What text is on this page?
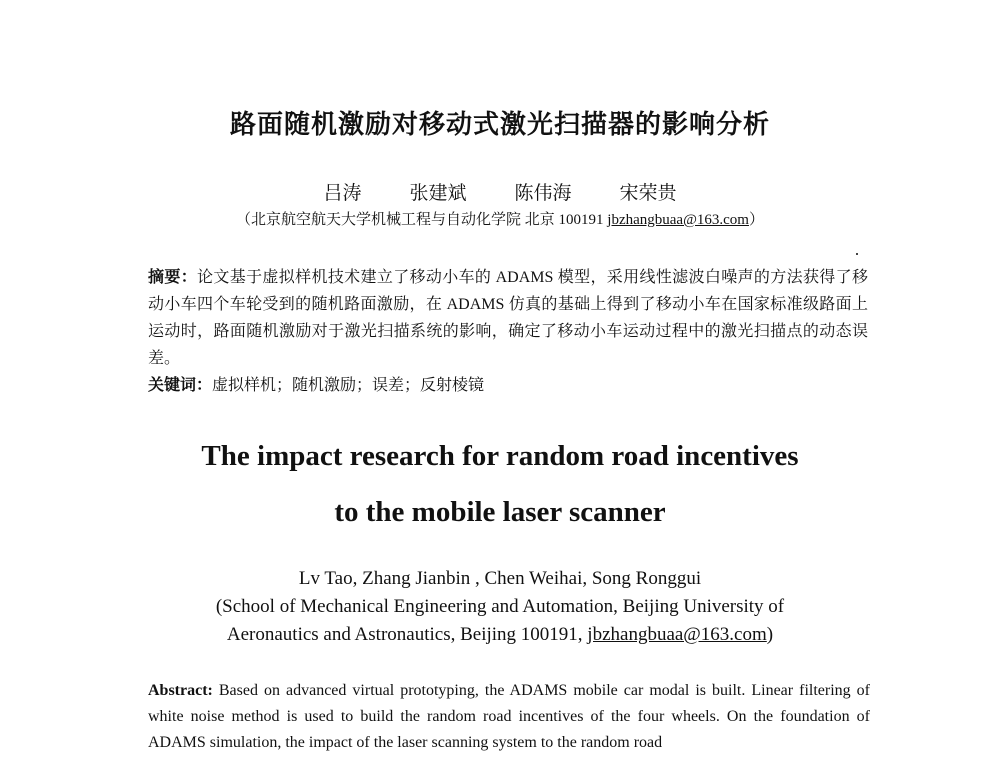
路面随机激励对移动式激光扫描器的影响分析
吕涛	张建斌	陈伟海	宋荣贵
（北京航空航天大学机械工程与自动化学院 北京 100191 jbzhangbuaa@163.com）
摘要：论文基于虚拟样机技术建立了移动小车的 ADAMS 模型，采用线性滤波白噪声的方法获得了移动小车四个车轮受到的随机路面激励，在 ADAMS 仿真的基础上得到了移动小车在国家标准级路面上运动时，路面随机激励对于激光扫描系统的影响，确定了移动小车运动过程中的激光扫描点的动态误差。
关键词：虚拟样机；随机激励；误差；反射棱镜
The impact research for random road incentives
to the mobile laser scanner
Lv Tao, Zhang Jianbin , Chen Weihai, Song Ronggui
(School of Mechanical Engineering and Automation, Beijing University of
Aeronautics and Astronautics, Beijing 100191, jbzhangbuaa@163.com)
Abstract: Based on advanced virtual prototyping, the ADAMS mobile car modal is built. Linear filtering of white noise method is used to build the random road incentives of the four wheels. On the foundation of ADAMS simulation, the impact of the laser scanning system to the random road
